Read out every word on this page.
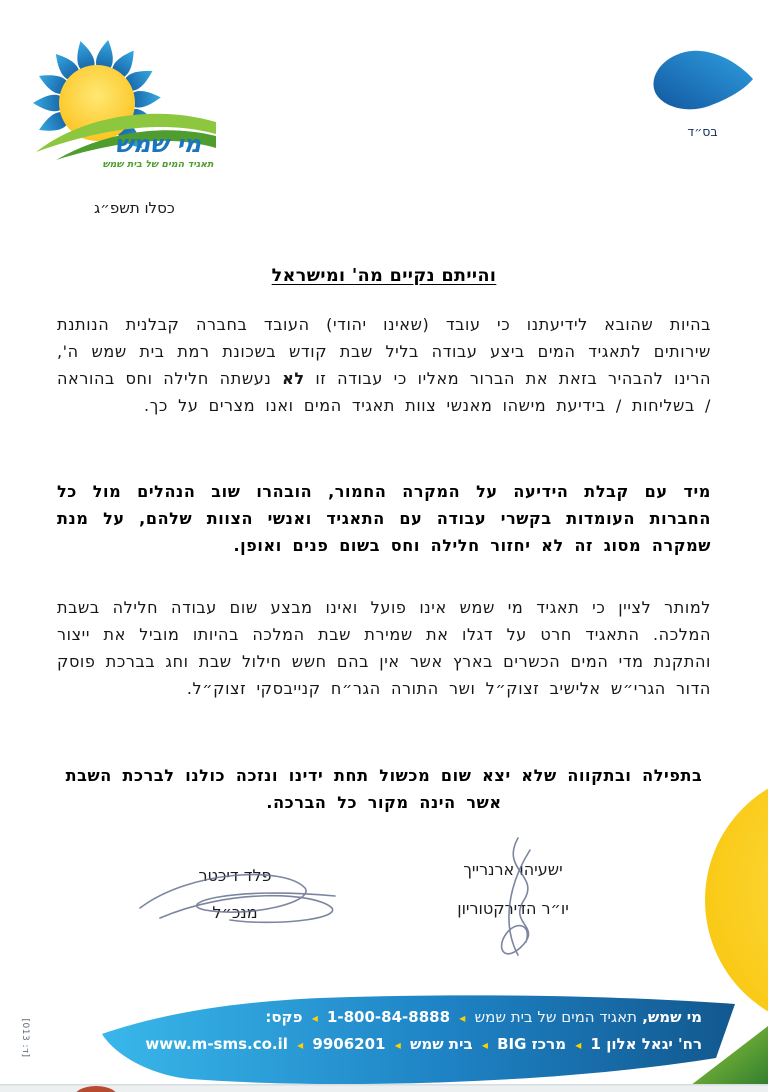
מי שמש
תאגיד המים של בית שמש
בס״ד
כסלו תשפ״ג
והייתם נקיים מה' ומישראל

בהיות שהובא לידיעתנו כי עובד (שאינו יהודי) העובד בחברה קבלנית הנותנת שירותים לתאגיד המים ביצע עבודה בליל שבת קודש בשכונת רמת בית שמש ה', הרינו להבהיר בזאת את הברור מאליו כי עבודה זו לא נעשתה חלילה וחס בהוראה / בשליחות / בידיעת מישהו מאנשי צוות תאגיד המים ואנו מצרים על כך.

מיד עם קבלת הידיעה על המקרה החמור, הובהרו שוב הנהלים מול כל החברות העומדות בקשרי עבודה עם התאגיד ואנשי הצוות שלהם, על מנת שמקרה מסוג זה לא יחזור חלילה וחס בשום פנים ואופן.

למותר לציין כי תאגיד מי שמש אינו פועל ואינו מבצע שום עבודה חלילה בשבת המלכה. התאגיד חרט על דגלו את שמירת שבת המלכה בהיותו מוביל את ייצור והתקנת מדי המים הכשרים בארץ אשר אין בהם חשש חילול שבת וחג בברכת פוסק הדור הגרי״ש אלישיב זצוק״ל ושר התורה הגר״ח קנייבסקי זצוק״ל.

בתפילה ובתקווה שלא יצא שום מכשול תחת ידינו ונזכה כולנו לברכת השבת אשר הינה מקור כל הברכה.

ישעיהו ארנרייך
יו״ר הדירקטוריון
פלד דיכטר
מנכ״ל
מי שמש, תאגיד המים של בית שמש ◂ 1-800-84-8888 ◂ פקס:
רח' יגאל אלון 1 ◂ מרכז BIG ◂ בית שמש ◂ 9906201 ◂ www.m-sms.co.il
[ד: 013]
